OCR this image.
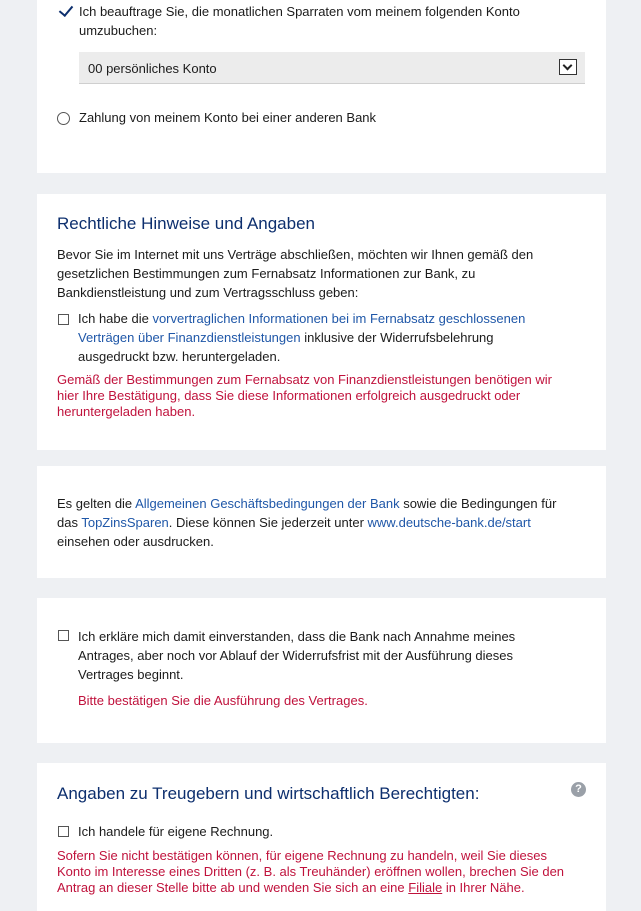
Ich beauftrage Sie, die monatlichen Sparraten vom meinem folgenden Konto
umzubuchen:
00 persönliches Konto
Zahlung von meinem Konto bei einer anderen Bank
Rechtliche Hinweise und Angaben
Bevor Sie im Internet mit uns Verträge abschließen, möchten wir Ihnen gemäß den
gesetzlichen Bestimmungen zum Fernabsatz Informationen zur Bank, zu
Bankdienstleistung und zum Vertragsschluss geben:
Ich habe die vorvertraglichen Informationen bei im Fernabsatz geschlossenen
Verträgen über Finanzdienstleistungen inklusive der Widerrufsbelehrung
ausgedruckt bzw. heruntergeladen.
Gemäß der Bestimmungen zum Fernabsatz von Finanzdienstleistungen benötigen wir
hier Ihre Bestätigung, dass Sie diese Informationen erfolgreich ausgedruckt oder
heruntergeladen haben.
Es gelten die Allgemeinen Geschäftsbedingungen der Bank sowie die Bedingungen für
das TopZinsSparen. Diese können Sie jederzeit unter www.deutsche-bank.de/start
einsehen oder ausdrucken.
Ich erkläre mich damit einverstanden, dass die Bank nach Annahme meines
Antrages, aber noch vor Ablauf der Widerrufsfrist mit der Ausführung dieses
Vertrages beginnt.
Bitte bestätigen Sie die Ausführung des Vertrages.
Angaben zu Treugebern und wirtschaftlich Berechtigten:	?
Ich handele für eigene Rechnung.
Sofern Sie nicht bestätigen können, für eigene Rechnung zu handeln, weil Sie dieses
Konto im Interesse eines Dritten (z. B. als Treuhänder) eröffnen wollen, brechen Sie den
Antrag an dieser Stelle bitte ab und wenden Sie sich an eine Filiale in Ihrer Nähe.
